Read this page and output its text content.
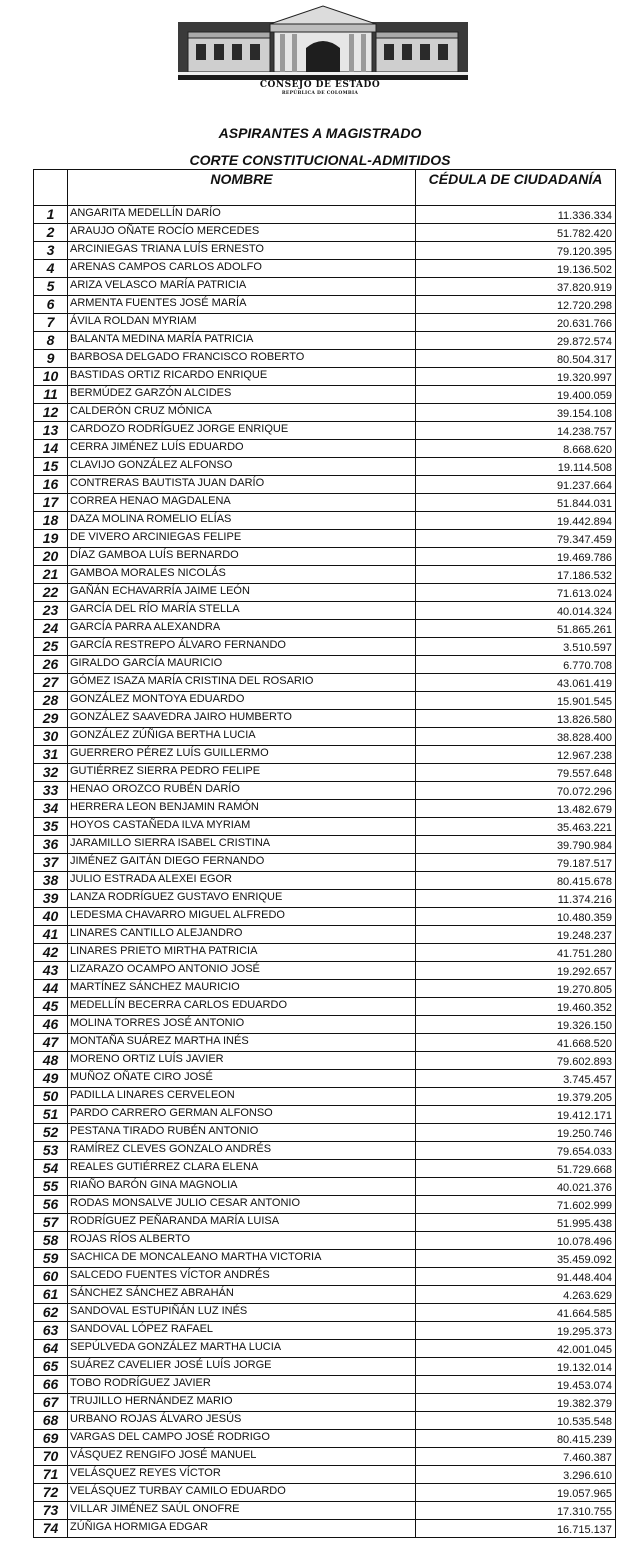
CONSEJO DE ESTADO
REPÚBLICA DE COLOMBIA
ASPIRANTES A MAGISTRADO
CORTE CONSTITUCIONAL-ADMITIDOS
	NOMBRE	CÉDULA DE CIUDADANÍA
1	ANGARITA MEDELLÍN DARÍO	11.336.334
2	ARAUJO OÑATE ROCÍO MERCEDES	51.782.420
3	ARCINIEGAS TRIANA LUÍS ERNESTO	79.120.395
4	ARENAS CAMPOS CARLOS ADOLFO	19.136.502
5	ARIZA VELASCO MARÍA PATRICIA	37.820.919
6	ARMENTA FUENTES JOSÉ MARÍA	12.720.298
7	ÁVILA ROLDAN MYRIAM	20.631.766
8	BALANTA MEDINA MARÍA PATRICIA	29.872.574
9	BARBOSA DELGADO FRANCISCO ROBERTO	80.504.317
10	BASTIDAS ORTIZ RICARDO ENRIQUE	19.320.997
11	BERMÚDEZ GARZÓN ALCIDES	19.400.059
12	CALDERÓN CRUZ MÓNICA	39.154.108
13	CARDOZO RODRÍGUEZ JORGE ENRIQUE	14.238.757
14	CERRA JIMÉNEZ LUÍS EDUARDO	8.668.620
15	CLAVIJO GONZÁLEZ ALFONSO	19.114.508
16	CONTRERAS BAUTISTA JUAN DARÍO	91.237.664
17	CORREA HENAO MAGDALENA	51.844.031
18	DAZA MOLINA ROMELIO ELÍAS	19.442.894
19	DE VIVERO ARCINIEGAS FELIPE	79.347.459
20	DÍAZ GAMBOA LUÍS BERNARDO	19.469.786
21	GAMBOA MORALES NICOLÁS	17.186.532
22	GAÑÁN ECHAVARRÍA JAIME LEÓN	71.613.024
23	GARCÍA DEL RÍO MARÍA STELLA	40.014.324
24	GARCÍA PARRA ALEXANDRA	51.865.261
25	GARCÍA RESTREPO ÁLVARO FERNANDO	3.510.597
26	GIRALDO GARCÍA MAURICIO	6.770.708
27	GÓMEZ ISAZA MARÍA CRISTINA DEL ROSARIO	43.061.419
28	GONZÁLEZ MONTOYA EDUARDO	15.901.545
29	GONZÁLEZ SAAVEDRA JAIRO HUMBERTO	13.826.580
30	GONZÁLEZ ZÚÑIGA BERTHA LUCIA	38.828.400
31	GUERRERO PÉREZ LUÍS GUILLERMO	12.967.238
32	GUTIÉRREZ SIERRA PEDRO FELIPE	79.557.648
33	HENAO OROZCO RUBÉN DARÍO	70.072.296
34	HERRERA LEON BENJAMIN RAMÓN	13.482.679
35	HOYOS CASTAÑEDA ILVA MYRIAM	35.463.221
36	JARAMILLO SIERRA ISABEL CRISTINA	39.790.984
37	JIMÉNEZ GAITÁN DIEGO FERNANDO	79.187.517
38	JULIO ESTRADA ALEXEI EGOR	80.415.678
39	LANZA RODRÍGUEZ GUSTAVO ENRIQUE	11.374.216
40	LEDESMA CHAVARRO MIGUEL ALFREDO	10.480.359
41	LINARES CANTILLO ALEJANDRO	19.248.237
42	LINARES PRIETO MIRTHA PATRICIA	41.751.280
43	LIZARAZO OCAMPO ANTONIO JOSÉ	19.292.657
44	MARTÍNEZ SÁNCHEZ MAURICIO	19.270.805
45	MEDELLÍN BECERRA CARLOS EDUARDO	19.460.352
46	MOLINA TORRES JOSÉ ANTONIO	19.326.150
47	MONTAÑA SUÁREZ MARTHA INÉS	41.668.520
48	MORENO ORTIZ LUÍS JAVIER	79.602.893
49	MUÑOZ OÑATE CIRO JOSÉ	3.745.457
50	PADILLA LINARES CERVELEON	19.379.205
51	PARDO CARRERO GERMAN ALFONSO	19.412.171
52	PESTANA TIRADO RUBÉN ANTONIO	19.250.746
53	RAMÍREZ CLEVES GONZALO ANDRÉS	79.654.033
54	REALES GUTIÉRREZ CLARA ELENA	51.729.668
55	RIAÑO BARÓN GINA MAGNOLIA	40.021.376
56	RODAS MONSALVE JULIO CESAR ANTONIO	71.602.999
57	RODRÍGUEZ PEÑARANDA MARÍA LUISA	51.995.438
58	ROJAS RÍOS ALBERTO	10.078.496
59	SACHICA DE MONCALEANO MARTHA VICTORIA	35.459.092
60	SALCEDO FUENTES VÍCTOR ANDRÉS	91.448.404
61	SÁNCHEZ SÁNCHEZ ABRAHÁN	4.263.629
62	SANDOVAL ESTUPIÑÁN LUZ INÉS	41.664.585
63	SANDOVAL LÓPEZ RAFAEL	19.295.373
64	SEPÚLVEDA GONZÁLEZ MARTHA LUCIA	42.001.045
65	SUÁREZ CAVELIER JOSÉ LUÍS JORGE	19.132.014
66	TOBO RODRÍGUEZ JAVIER	19.453.074
67	TRUJILLO HERNÁNDEZ MARIO	19.382.379
68	URBANO ROJAS ÁLVARO JESÚS	10.535.548
69	VARGAS DEL CAMPO JOSÉ RODRIGO	80.415.239
70	VÁSQUEZ RENGIFO JOSÉ MANUEL	7.460.387
71	VELÁSQUEZ REYES VÍCTOR	3.296.610
72	VELÁSQUEZ TURBAY CAMILO EDUARDO	19.057.965
73	VILLAR JIMÉNEZ SAÚL ONOFRE	17.310.755
74	ZÚÑIGA HORMIGA EDGAR	16.715.137
